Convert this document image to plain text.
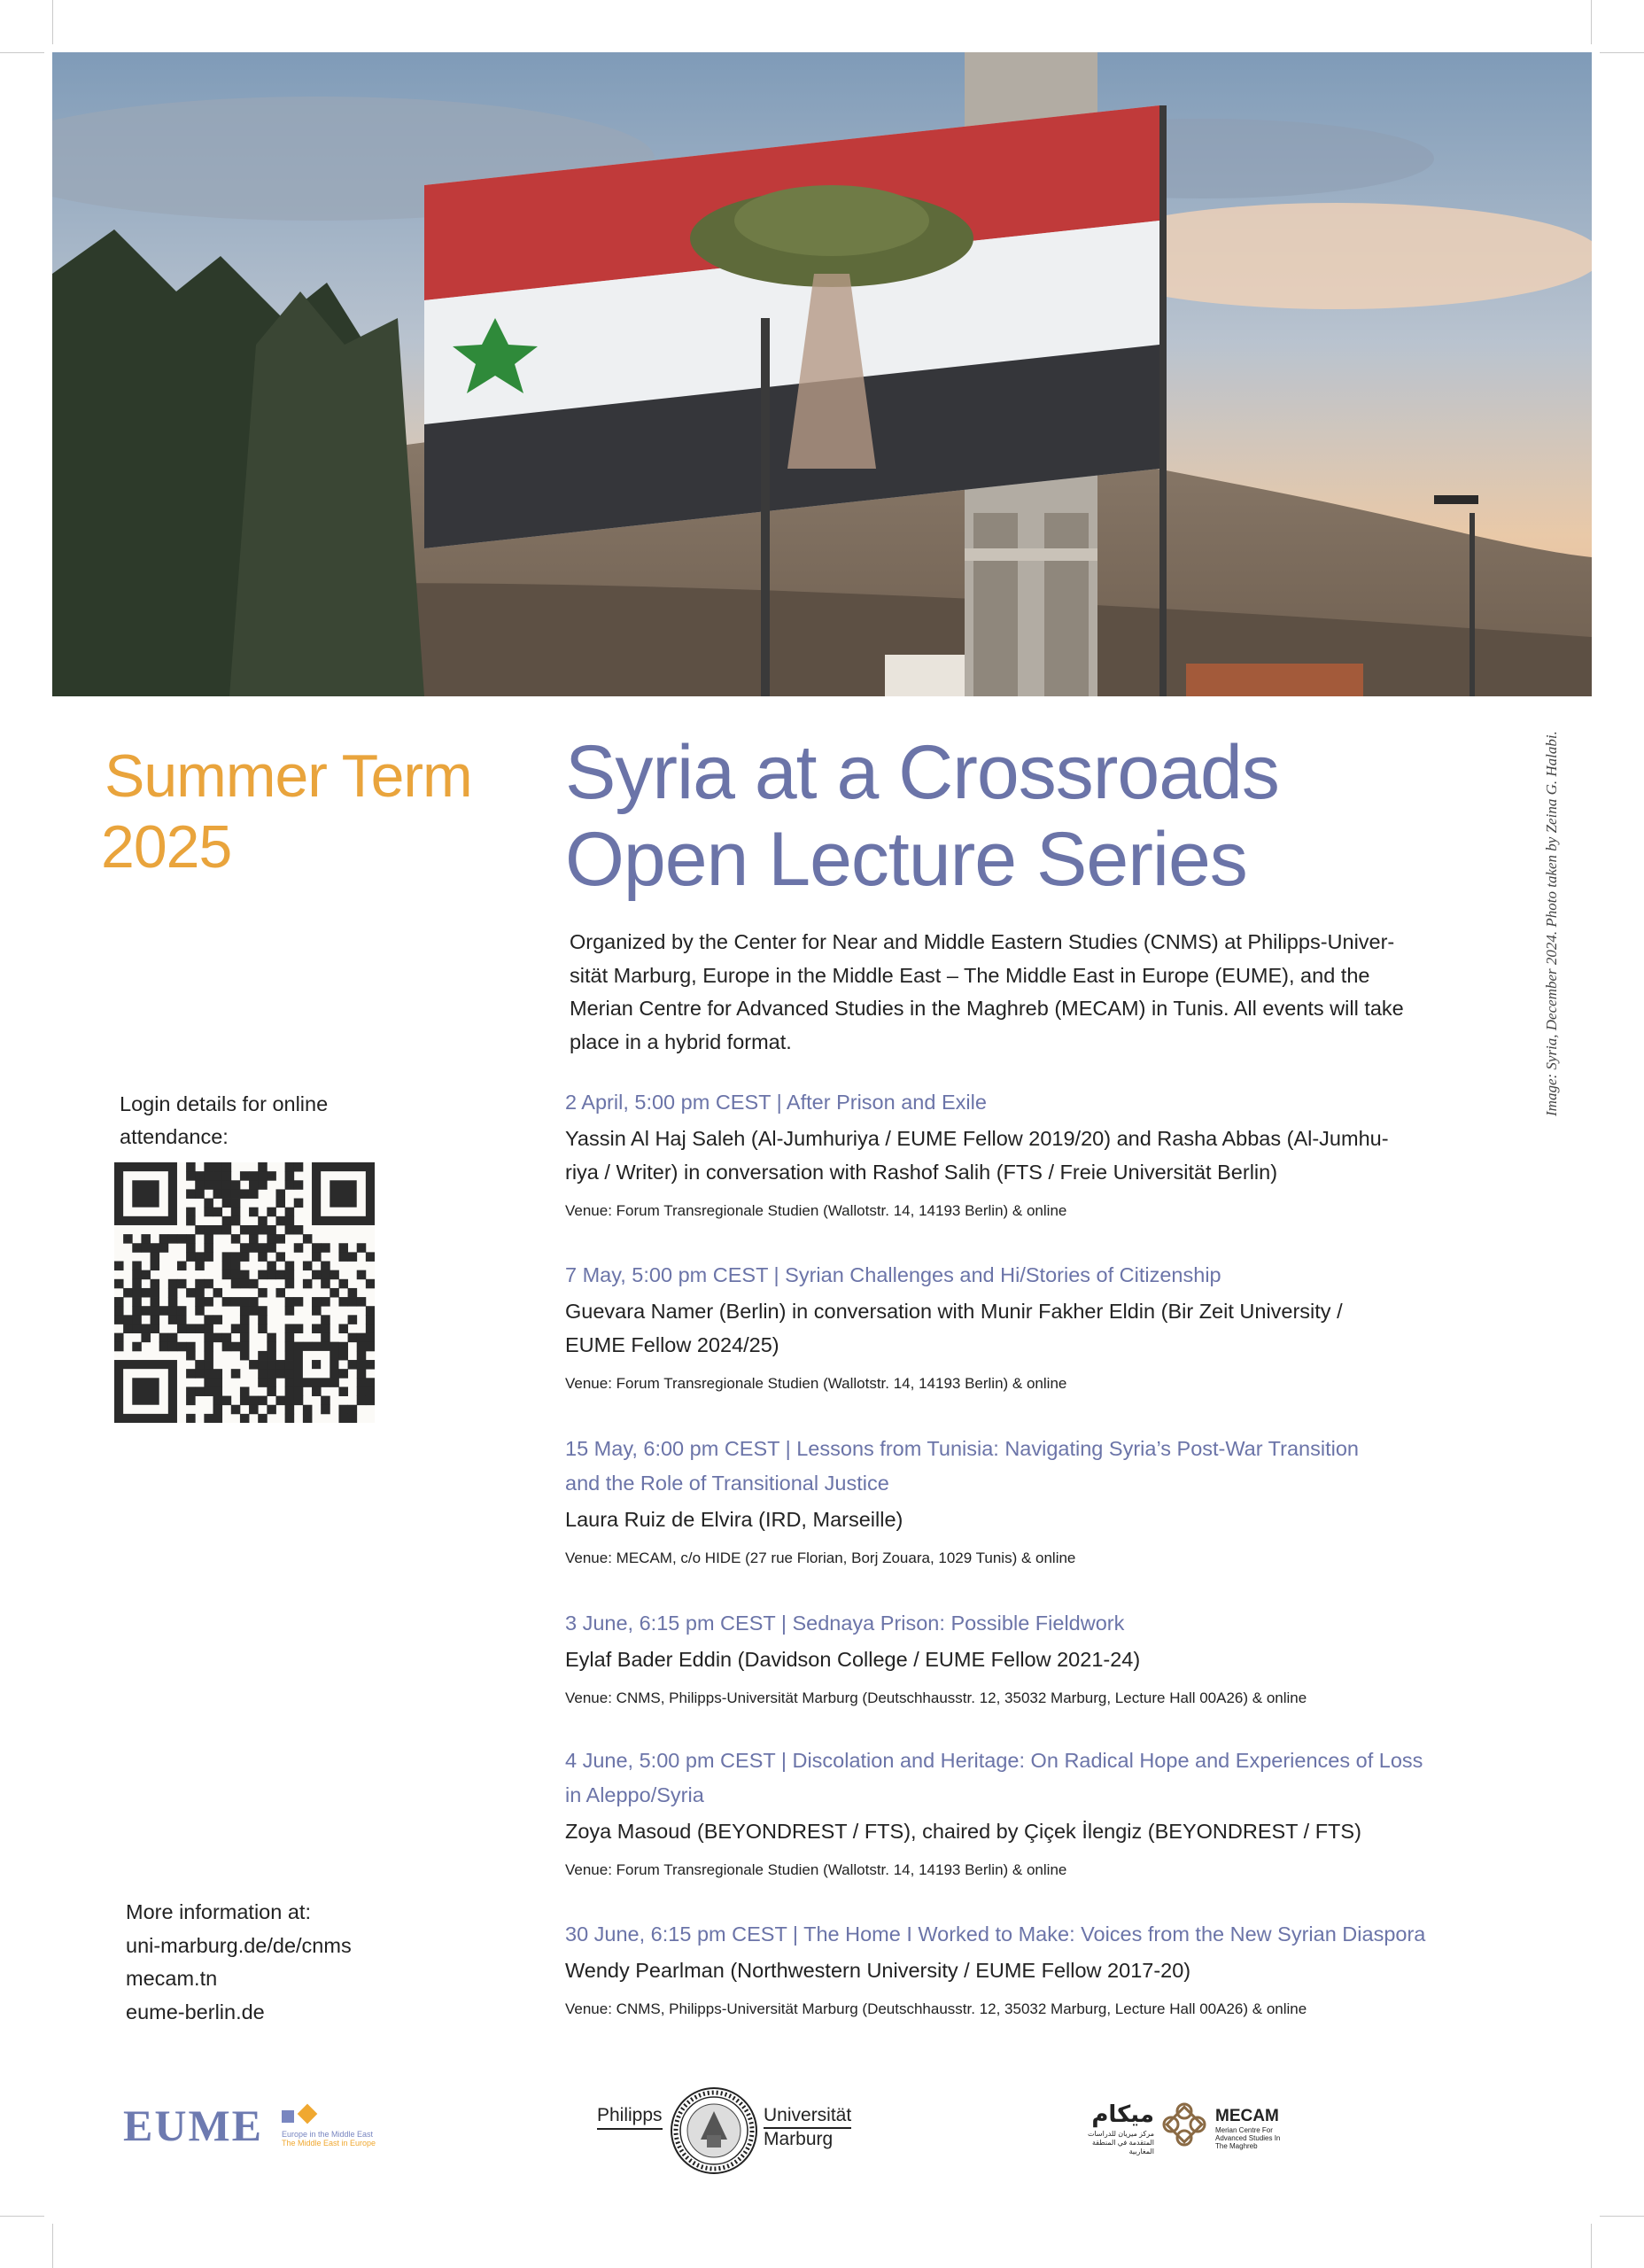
Image: Syria, December 2024. Photo taken by Zeina G. Halabi.
Summer Term
2025
Syria at a Crossroads
Open Lecture Series

Organized by the Center for Near and Middle Eastern Studies (CNMS) at Philipps-Univer-sität Marburg, Europe in the Middle East – The Middle East in Europe (EUME), and the Merian Centre for Advanced Studies in the Maghreb (MECAM) in Tunis. All events will take place in a hybrid format.

2 April, 5:00 pm CEST | After Prison and Exile
Yassin Al Haj Saleh (Al-Jumhuriya / EUME Fellow 2019/20) and Rasha Abbas (Al-Jumhu-riya / Writer) in conversation with Rashof Salih (FTS / Freie Universität Berlin)
Venue: Forum Transregionale Studien (Wallotstr. 14, 14193 Berlin) & online
7 May, 5:00 pm CEST | Syrian Challenges and Hi/Stories of Citizenship
Guevara Namer (Berlin) in conversation with Munir Fakher Eldin (Bir Zeit University / EUME Fellow 2024/25)
Venue: Forum Transregionale Studien (Wallotstr. 14, 14193 Berlin) & online
15 May, 6:00 pm CEST | Lessons from Tunisia: Navigating Syria’s Post-War Transition and the Role of Transitional Justice
Laura Ruiz de Elvira (IRD, Marseille)
Venue: MECAM, c/o HIDE (27 rue Florian, Borj Zouara, 1029 Tunis) & online
3 June, 6:15 pm CEST | Sednaya Prison: Possible Fieldwork
Eylaf Bader Eddin (Davidson College / EUME Fellow 2021-24)
Venue: CNMS, Philipps-Universität Marburg (Deutschhausstr. 12, 35032 Marburg, Lecture Hall 00A26) & online
4 June, 5:00 pm CEST | Discolation and Heritage: On Radical Hope and Experiences of Loss in Aleppo/Syria
Zoya Masoud (BEYONDREST / FTS), chaired by Çiçek İlengiz (BEYONDREST / FTS)
Venue: Forum Transregionale Studien (Wallotstr. 14, 14193 Berlin) & online
30 June, 6:15 pm CEST | The Home I Worked to Make: Voices from the New Syrian Diaspora
Wendy Pearlman (Northwestern University / EUME Fellow 2017-20)
Venue: CNMS, Philipps-Universität Marburg (Deutschhausstr. 12, 35032 Marburg, Lecture Hall 00A26) & online
Login details for online attendance:
More information at:
uni-marburg.de/de/cnms
mecam.tn
eume-berlin.de
EUME Europe in the Middle East
The Middle East in Europe
Philipps	Universität
Marburg
ميكام
مركز ميريان للدراسات المتقدمة في المنطقة المغاربية
MECAM
Merian Centre For Advanced Studies In The Maghreb
